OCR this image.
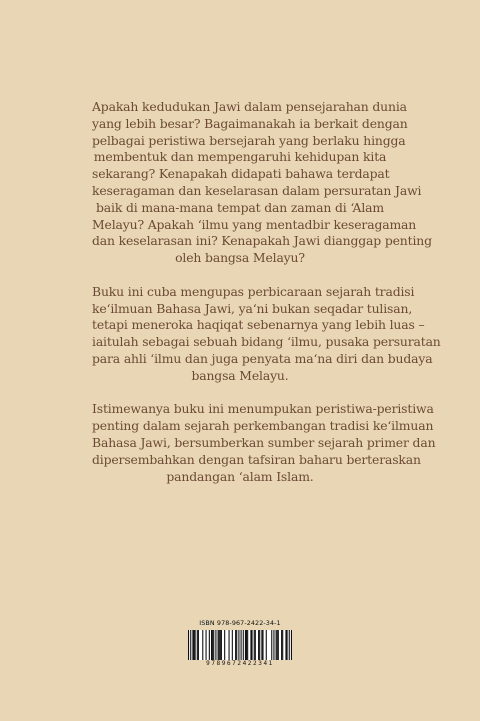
Apakah kedudukan Jawi dalam pensejarahan dunia
yang lebih besar? Bagaimanakah ia berkait dengan
pelbagai peristiwa bersejarah yang berlaku hingga
membentuk dan mempengaruhi kehidupan kita
sekarang? Kenapakah didapati bahawa terdapat
keseragaman dan keselarasan dalam persuratan Jawi
baik di mana-mana tempat dan zaman di ‘Alam
Melayu? Apakah ‘ilmu yang mentadbir keseragaman
dan keselarasan ini? Kenapakah Jawi dianggap penting
oleh bangsa Melayu?

Buku ini cuba mengupas perbicaraan sejarah tradisi
ke‘ilmuan Bahasa Jawi, ya‘ni bukan seqadar tulisan,
tetapi meneroka haqiqat sebenarnya yang lebih luas –
iaitulah sebagai sebuah bidang ‘ilmu, pusaka persuratan
para ahli ‘ilmu dan juga penyata ma‘na diri dan budaya
bangsa Melayu.

Istimewanya buku ini menumpukan peristiwa-peristiwa
penting dalam sejarah perkembangan tradisi ke‘ilmuan
Bahasa Jawi, bersumberkan sumber sejarah primer dan
dipersembahkan dengan tafsiran baharu berteraskan
pandangan ‘alam Islam.

ISBN 978-967-2422-34-1
9789672422341
